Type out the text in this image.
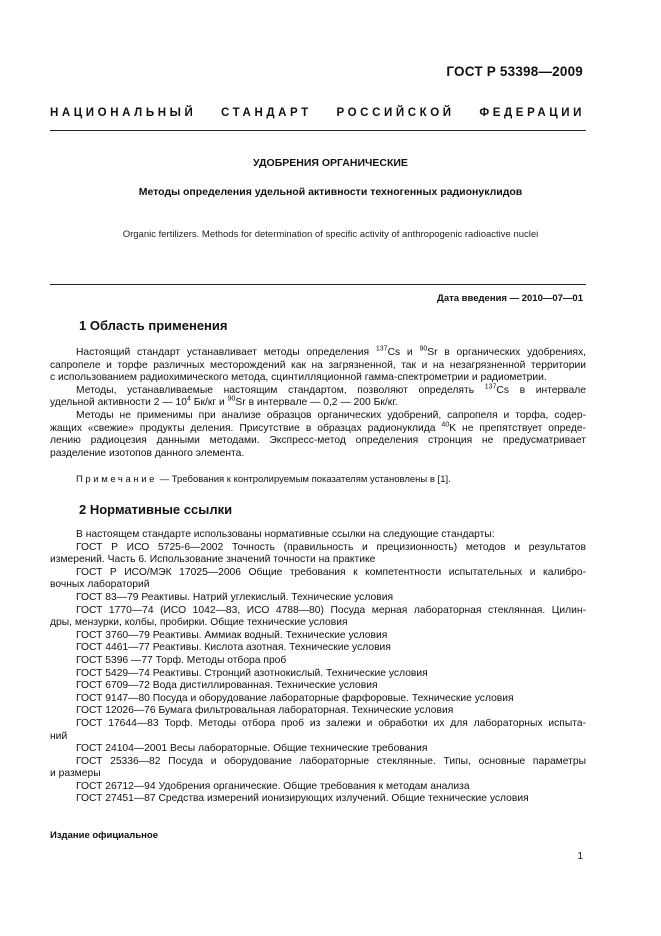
ГОСТ Р 53398—2009
НАЦИОНАЛЬНЫЙ СТАНДАРТ РОССИЙСКОЙ ФЕДЕРАЦИИ
УДОБРЕНИЯ ОРГАНИЧЕСКИЕ
Методы определения удельной активности техногенных радионуклидов
Organic fertilizers. Methods for determination of specific activity of anthropogenic radioactive nuclei
Дата введения — 2010—07—01
1 Область применения
Настоящий стандарт устанавливает методы определения $^{137}$Cs и $^{90}$Sr в органических удобрениях,
сапропеле и торфе различных месторождений как на загрязненной, так и на незагрязненной территории
с использованием радиохимического метода, сцинтилляционной гамма-спектрометрии и радиометрии.
Методы, устанавливаемые настоящим стандартом, позволяют определять $^{137}$Cs в интервале
удельной активности 2 — $10^4$ Бк/кг и $^{90}$Sr в интервале — 0,2 — 200 Бк/кг.
Методы не применимы при анализе образцов органических удобрений, сапропеля и торфа, содер-
жащих «свежие» продукты деления. Присутствие в образцах радионуклида $^{40}$K не препятствует опреде-
лению радиоцезия данными методами. Экспресс-метод определения стронция не предусматривает
разделение изотопов данного элемента.
Примечание — Требования к контролируемым показателям установлены в [1].
2 Нормативные ссылки
В настоящем стандарте использованы нормативные ссылки на следующие стандарты:
ГОСТ Р ИСО 5725-6—2002 Точность (правильность и прецизионность) методов и результатов
измерений. Часть 6. Использование значений точности на практике
ГОСТ Р ИСО/МЭК 17025—2006 Общие требования к компетентности испытательных и калибро-
вочных лабораторий
ГОСТ 83—79 Реактивы. Натрий углекислый. Технические условия
ГОСТ 1770—74 (ИСО 1042—83, ИСО 4788—80) Посуда мерная лабораторная стеклянная. Цилин-
дры, мензурки, колбы, пробирки. Общие технические условия
ГОСТ 3760—79 Реактивы. Аммиак водный. Технические условия
ГОСТ 4461—77 Реактивы. Кислота азотная. Технические условия
ГОСТ 5396 —77 Торф. Методы отбора проб
ГОСТ 5429—74 Реактивы. Стронций азотнокислый. Технические условия
ГОСТ 6709—72 Вода дистиллированная. Технические условия
ГОСТ 9147—80 Посуда и оборудование лабораторные фарфоровые. Технические условия
ГОСТ 12026—76 Бумага фильтровальная лабораторная. Технические условия
ГОСТ 17644—83 Торф. Методы отбора проб из залежи и обработки их для лабораторных испыта-
ний
ГОСТ 24104—2001 Весы лабораторные. Общие технические требования
ГОСТ 25336—82 Посуда и оборудование лабораторные стеклянные. Типы, основные параметры
и размеры
ГОСТ 26712—94 Удобрения органические. Общие требования к методам анализа
ГОСТ 27451—87 Средства измерений ионизирующих излучений. Общие технические условия
Издание официальное
1
